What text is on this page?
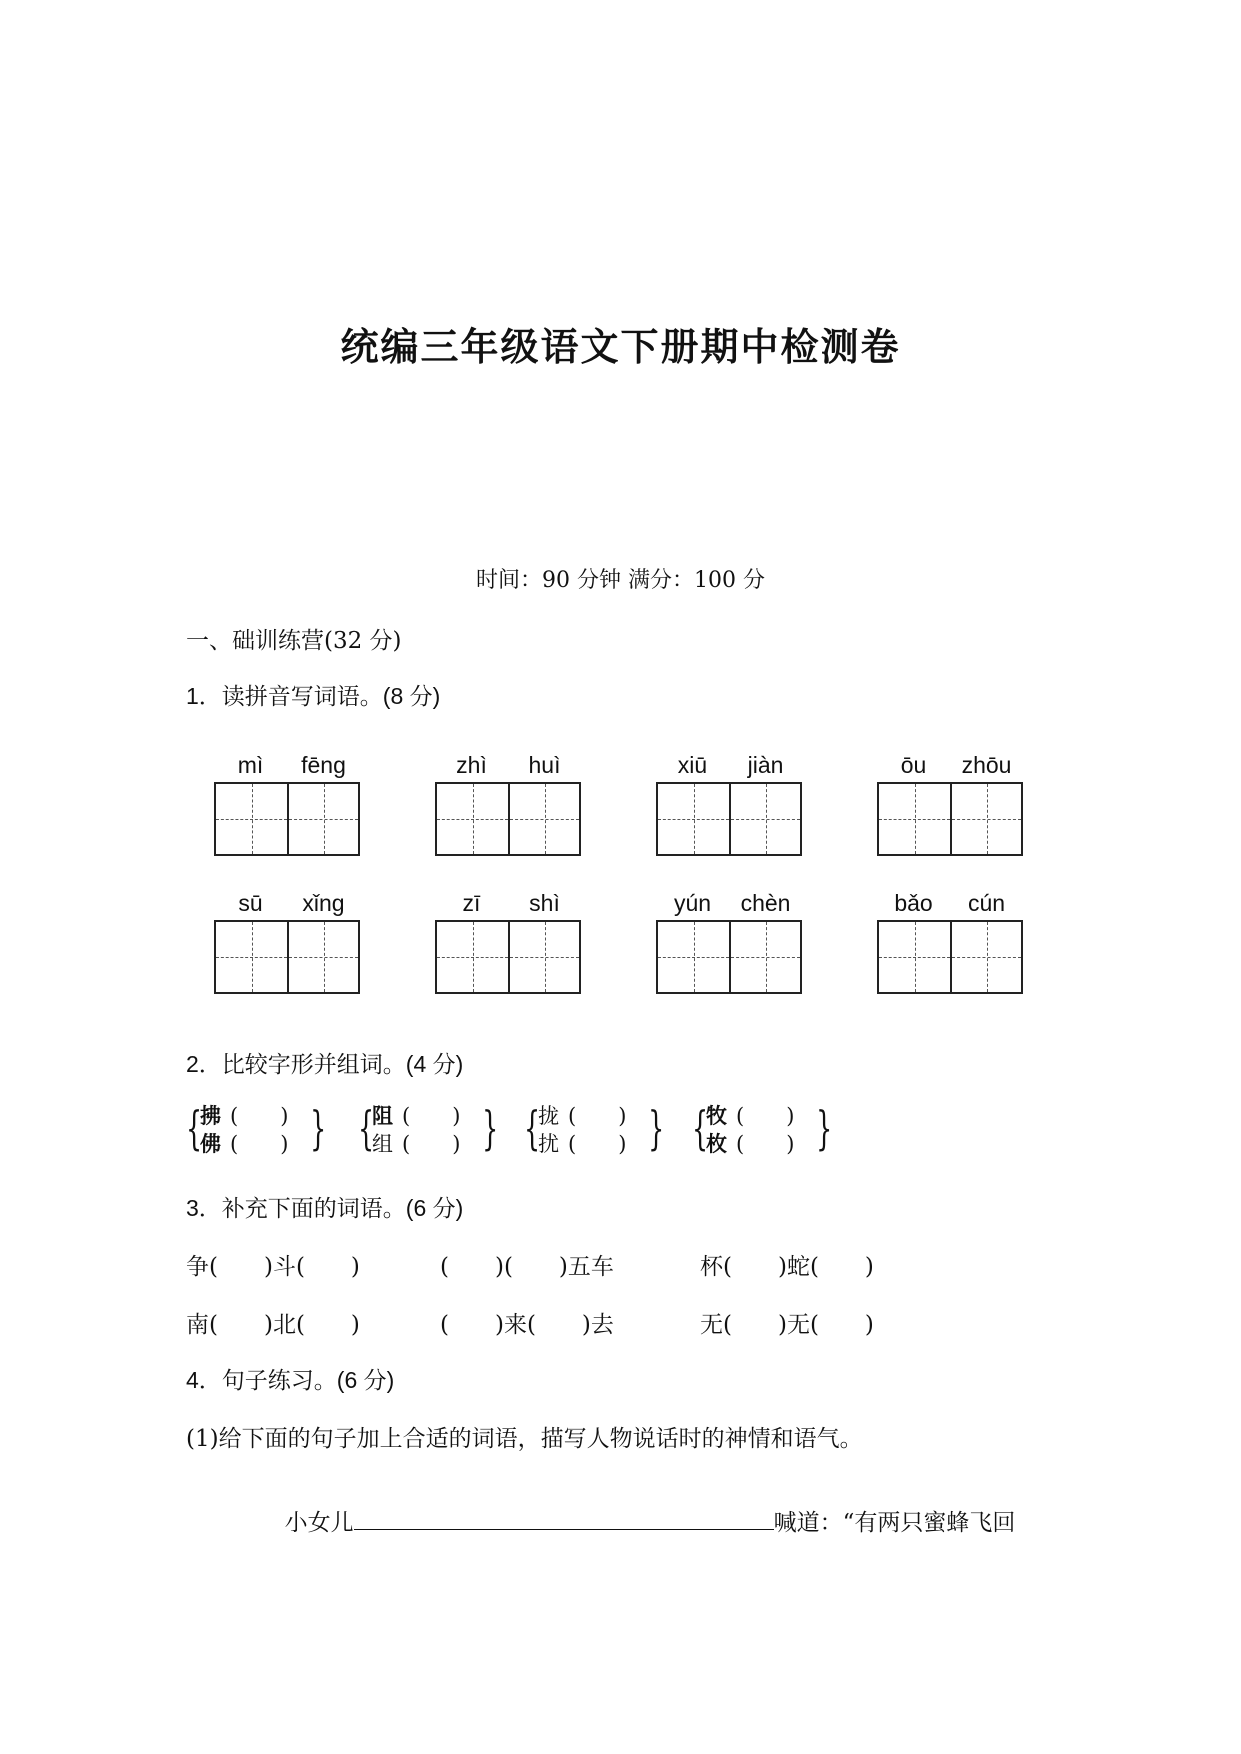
统编三年级语文下册期中检测卷
时间：90 分钟 满分：100 分
一、础训练营(32 分)
1．读拼音写词语。(8 分)
mì	fēng	zhì	huì	xiū	jiàn	ōu	zhōu
sū	xǐng	zī	shì	yún	chèn	bǎo	cún
2．比较字形并组词。(4 分)
{
拂 (　　)
佛 (　　) } {
阻 (　　)
组 (　　) } {
拢 (　　)
扰 (　　) } {
牧 (　　)
枚 (　　) }
3．补充下面的词语。(6 分)
争(　　)斗(　　)	(　　)(　　)五车	杯(　　)蛇(　　)
南(　　)北(　　)	(　　)来(　　)去	无(　　)无(　　)
4．句子练习。(6 分)
(1)给下面的句子加上合适的词语，描写人物说话时的神情和语气。

小女儿	喊道：“有两只蜜蜂飞回
